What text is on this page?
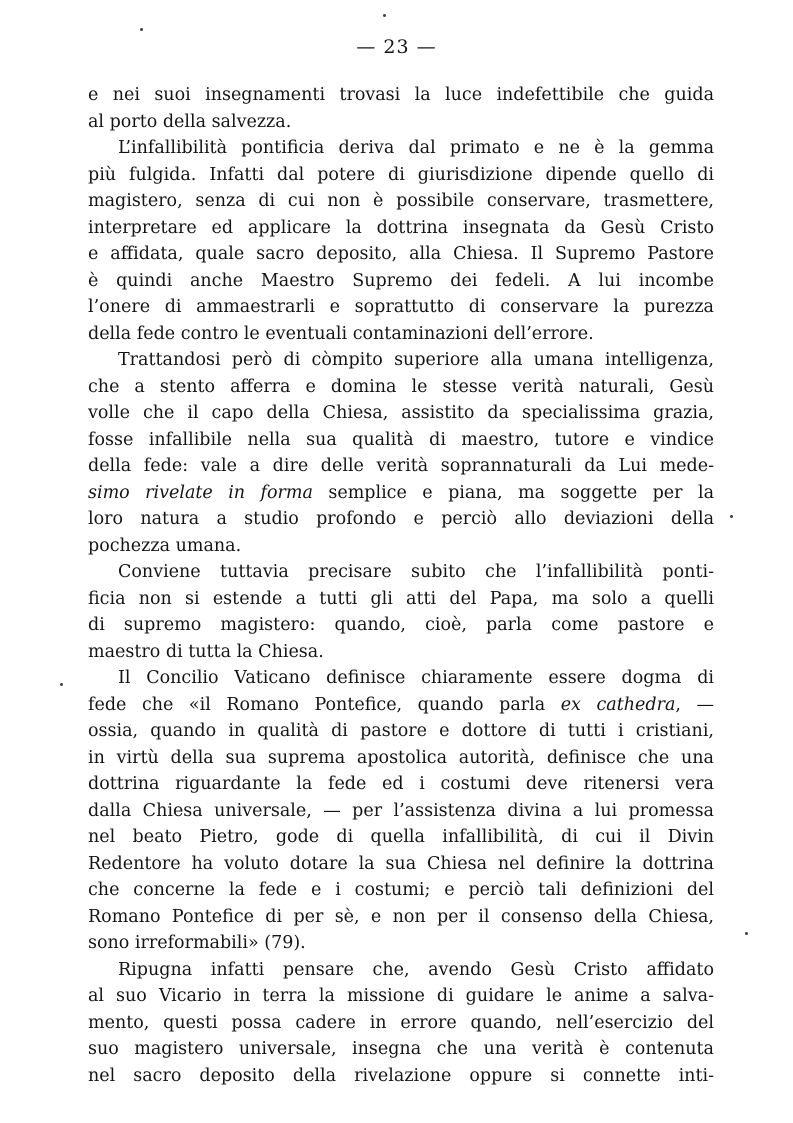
— 23 —
e nei suoi insegnamenti trovasi la luce indefettibile che guida
al porto della salvezza.
L’infallibilità pontificia deriva dal primato e ne è la gemma
più fulgida. Infatti dal potere di giurisdizione dipende quello di
magistero, senza di cui non è possibile conservare, trasmettere,
interpretare ed applicare la dottrina insegnata da Gesù Cristo
e affidata, quale sacro deposito, alla Chiesa. Il Supremo Pastore
è quindi anche Maestro Supremo dei fedeli. A lui incombe
l’onere di ammaestrarli e soprattutto di conservare la purezza
della fede contro le eventuali contaminazioni dell’errore.
Trattandosi però di còmpito superiore alla umana intelligenza,
che a stento afferra e domina le stesse verità naturali, Gesù
volle che il capo della Chiesa, assistito da specialissima grazia,
fosse infallibile nella sua qualità di maestro, tutore e vindice
della fede: vale a dire delle verità soprannaturali da Lui mede-
simo rivelate in forma semplice e piana, ma soggette per la
loro natura a studio profondo e perciò allo deviazioni della
pochezza umana.
Conviene tuttavia precisare subito che l’infallibilità ponti-
ficia non si estende a tutti gli atti del Papa, ma solo a quelli
di supremo magistero: quando, cioè, parla come pastore e
maestro di tutta la Chiesa.
Il Concilio Vaticano definisce chiaramente essere dogma di
fede che «il Romano Pontefice, quando parla ex cathedra, —
ossia, quando in qualità di pastore e dottore di tutti i cristiani,
in virtù della sua suprema apostolica autorità, definisce che una
dottrina riguardante la fede ed i costumi deve ritenersi vera
dalla Chiesa universale, — per l’assistenza divina a lui promessa
nel beato Pietro, gode di quella infallibilità, di cui il Divin
Redentore ha voluto dotare la sua Chiesa nel definire la dottrina
che concerne la fede e i costumi; e perciò tali definizioni del
Romano Pontefice di per sè, e non per il consenso della Chiesa,
sono irreformabili» (79).
Ripugna infatti pensare che, avendo Gesù Cristo affidato
al suo Vicario in terra la missione di guidare le anime a salva-
mento, questi possa cadere in errore quando, nell’esercizio del
suo magistero universale, insegna che una verità è contenuta
nel sacro deposito della rivelazione oppure si connette inti-
